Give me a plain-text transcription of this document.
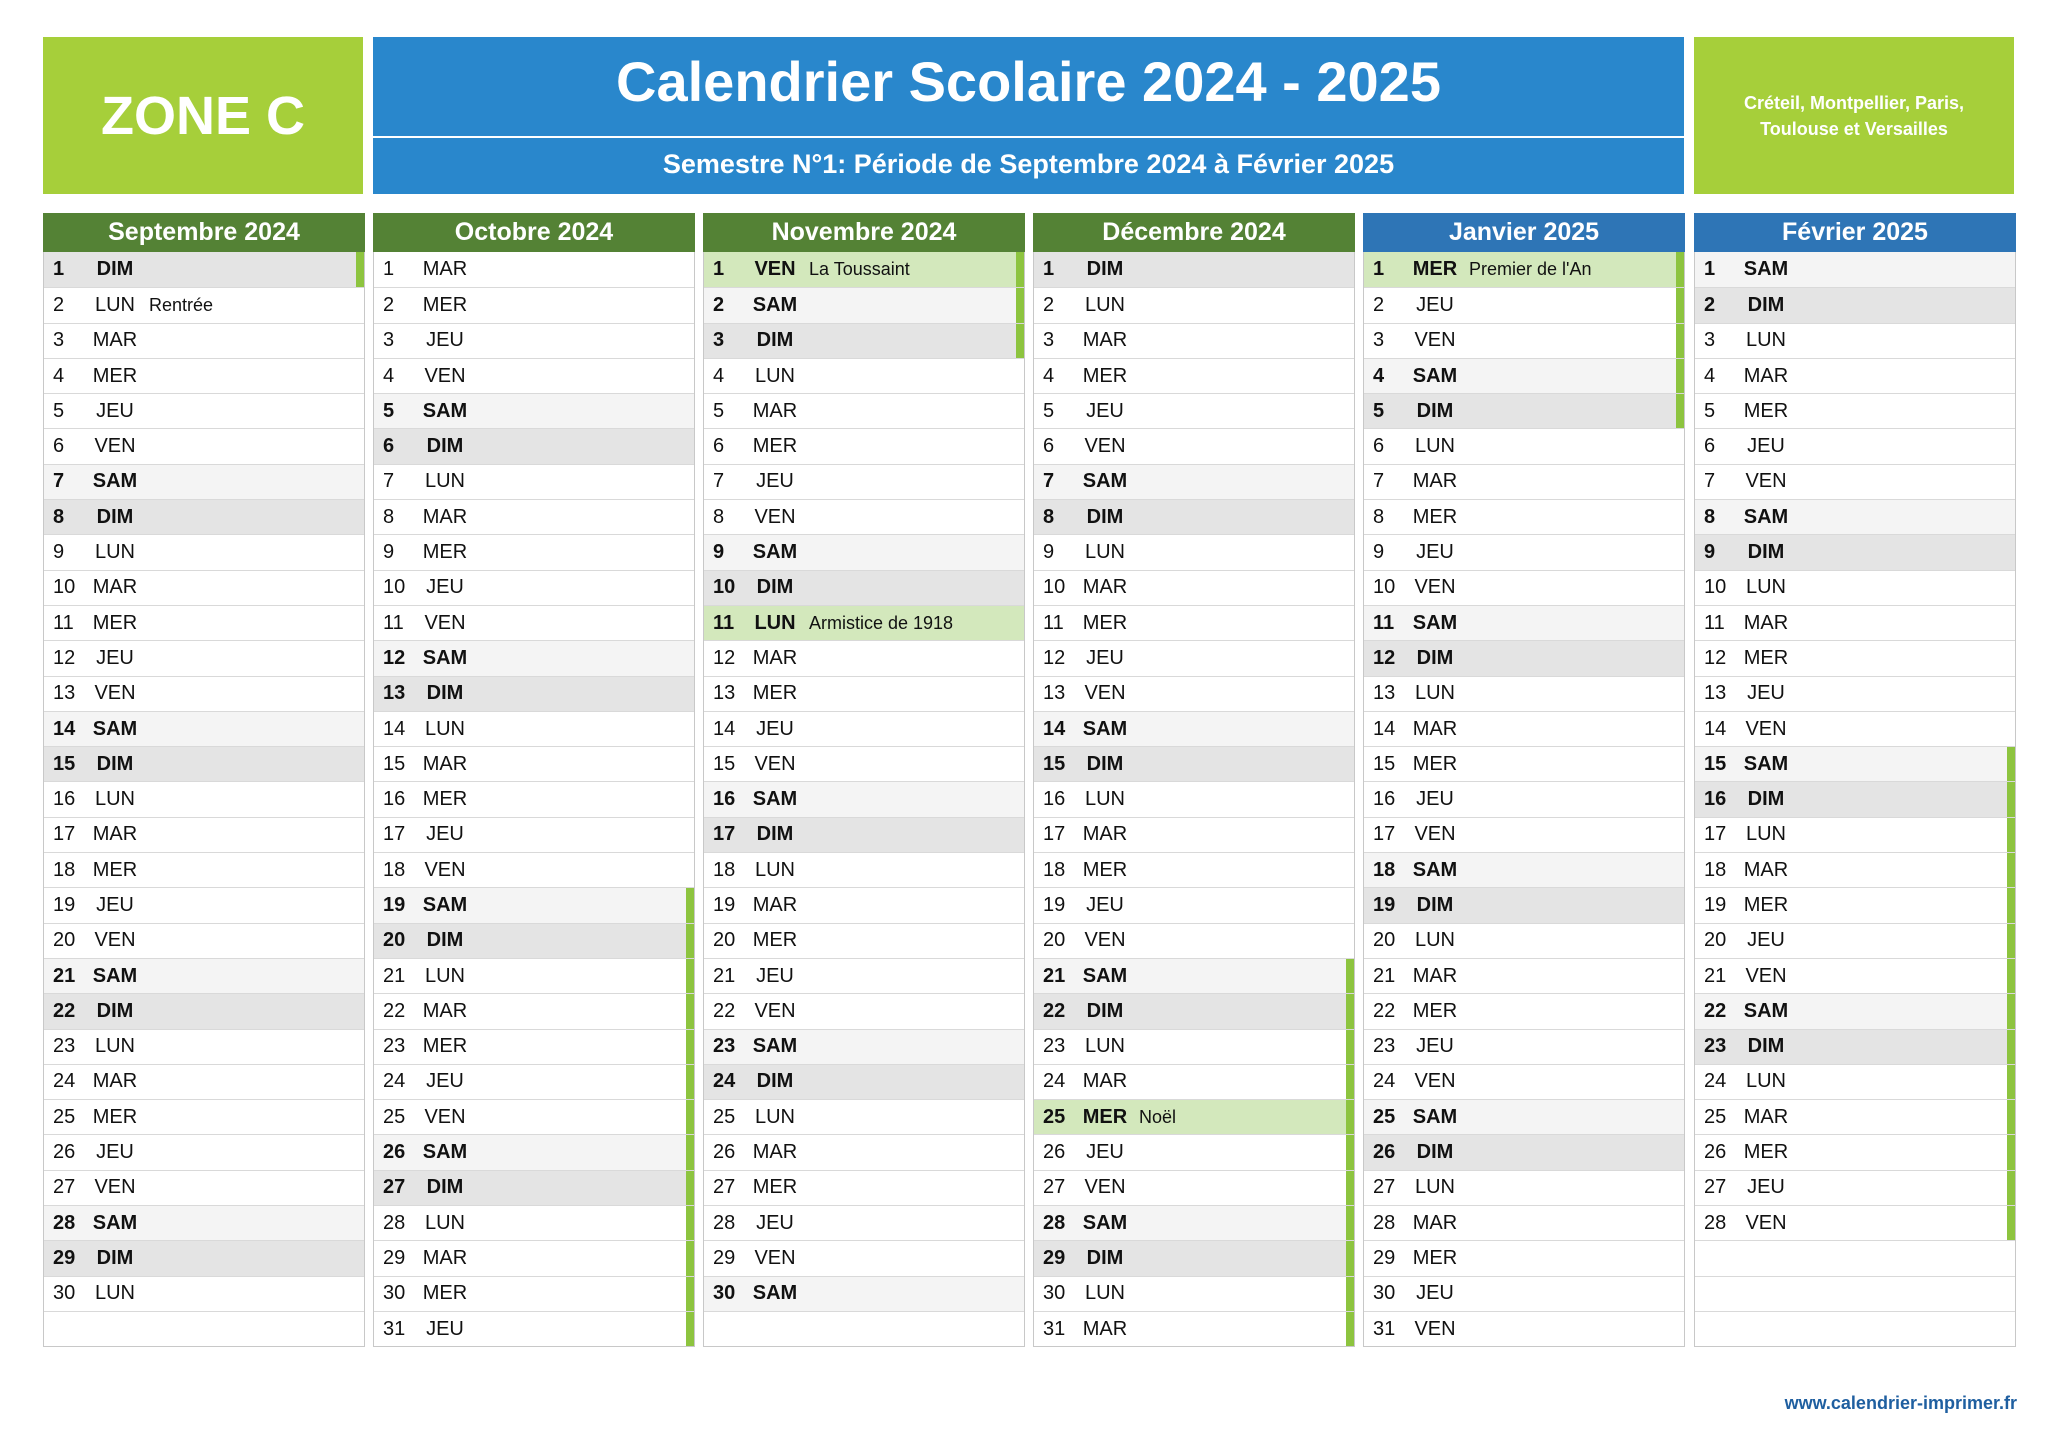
ZONE C
Calendrier Scolaire 2024 - 2025
Semestre N°1: Période de Septembre 2024 à Février 2025
Créteil, Montpellier, Paris, Toulouse et Versailles
Septembre 2024
1	DIM
2	LUN Rentrée
3	MAR
4	MER
5	JEU
6	VEN
7	SAM
8	DIM
9	LUN
10 MAR
11 MER
12	JEU
13 VEN
14 SAM
15	DIM
16 LUN
17 MAR
18 MER
19	JEU
20 VEN
21 SAM
22	DIM
23 LUN
24 MAR
25 MER
26	JEU
27 VEN
28 SAM
29	DIM
30 LUN
Octobre 2024
1	MAR
2	MER
3	JEU
4	VEN
5	SAM
6	DIM
7	LUN
8	MAR
9	MER
10	JEU
11	VEN
12 SAM
13	DIM
14 LUN
15 MAR
16 MER
17	JEU
18 VEN
19 SAM
20	DIM
21 LUN
22 MAR
23 MER
24	JEU
25 VEN
26 SAM
27	DIM
28 LUN
29 MAR
30 MER
31	JEU
Novembre 2024
1	VEN La Toussaint
2	SAM
3	DIM
4	LUN
5	MAR
6	MER
7	JEU
8	VEN
9	SAM
10	DIM
11	LUN Armistice de 1918
12 MAR
13 MER
14	JEU
15 VEN
16 SAM
17	DIM
18 LUN
19 MAR
20 MER
21	JEU
22 VEN
23 SAM
24	DIM
25 LUN
26 MAR
27 MER
28	JEU
29 VEN
30 SAM
Décembre 2024
1	DIM
2	LUN
3	MAR
4	MER
5	JEU
6	VEN
7	SAM
8	DIM
9	LUN
10 MAR
11 MER
12	JEU
13 VEN
14 SAM
15	DIM
16 LUN
17 MAR
18 MER
19	JEU
20 VEN
21 SAM
22	DIM
23 LUN
24 MAR
25 MER Noël
26	JEU
27 VEN
28 SAM
29	DIM
30 LUN
31 MAR
Janvier 2025
1	MER Premier de l'An
2	JEU
3	VEN
4	SAM
5	DIM
6	LUN
7	MAR
8	MER
9	JEU
10 VEN
11 SAM
12	DIM
13 LUN
14 MAR
15 MER
16	JEU
17 VEN
18 SAM
19	DIM
20 LUN
21 MAR
22 MER
23	JEU
24 VEN
25 SAM
26	DIM
27 LUN
28 MAR
29 MER
30	JEU
31 VEN
Février 2025
1	SAM
2	DIM
3	LUN
4	MAR
5	MER
6	JEU
7	VEN
8	SAM
9	DIM
10 LUN
11 MAR
12 MER
13	JEU
14 VEN
15 SAM
16	DIM
17 LUN
18 MAR
19 MER
20	JEU
21 VEN
22 SAM
23	DIM
24 LUN
25 MAR
26 MER
27	JEU
28 VEN
www.calendrier-imprimer.fr
